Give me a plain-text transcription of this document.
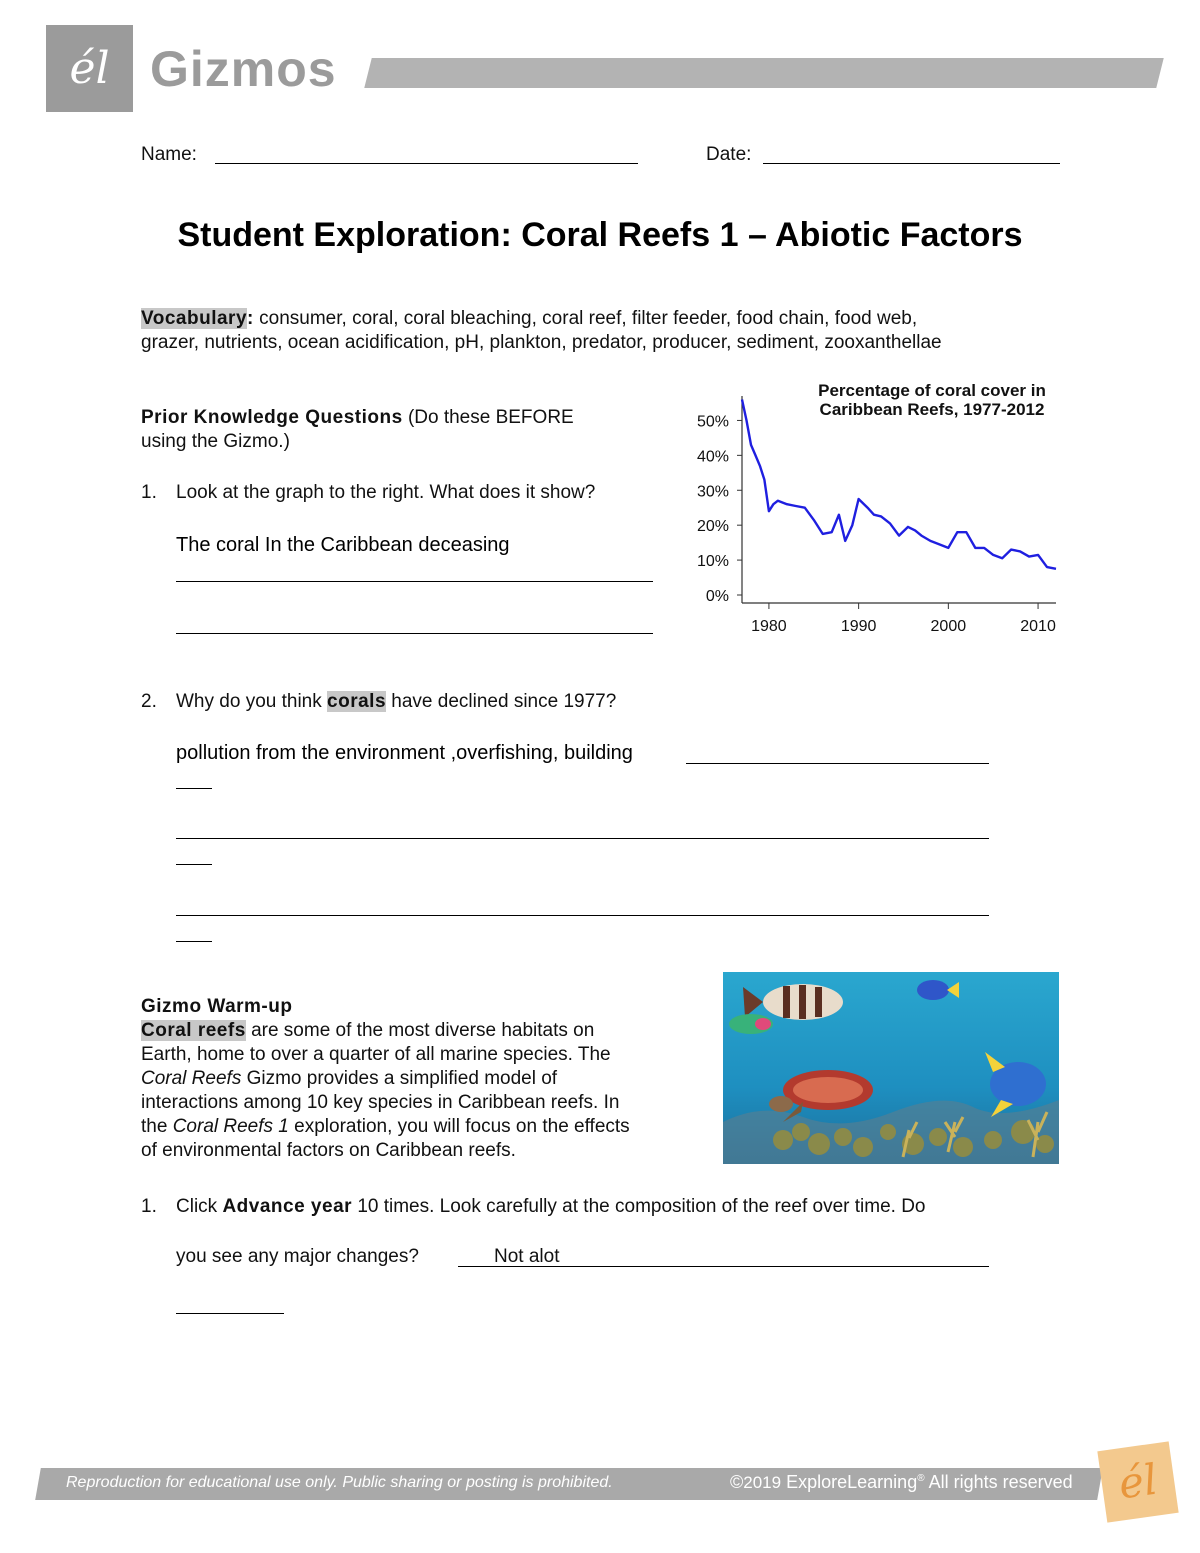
él Gizmos
Name:	Date:
Student Exploration: Coral Reefs 1 – Abiotic Factors
Vocabulary: consumer, coral, coral bleaching, coral reef, filter feeder, food chain, food web,
grazer, nutrients, ocean acidification, pH, plankton, predator, producer, sediment, zooxanthellae
Prior Knowledge Questions (Do these BEFORE
using the Gizmo.)
1. Look at the graph to the right. What does it show?
The coral In the Caribbean deceasing
Percentage of coral cover in
Caribbean Reefs, 1977-2012
0%
10%
20%
30%
40%
50%
1980	1990	2000	2010
2. Why do you think corals have declined since 1977?
pollution from the environment ,overfishing, building
Gizmo Warm-up
Coral reefs are some of the most diverse habitats on
Earth, home to over a quarter of all marine species. The
Coral Reefs Gizmo provides a simplified model of
interactions among 10 key species in Caribbean reefs. In
the Coral Reefs 1 exploration, you will focus on the effects
of environmental factors on Caribbean reefs.
1. Click Advance year 10 times. Look carefully at the composition of the reef over time. Do
you see any major changes?	Not alot
Reproduction for educational use only. Public sharing or posting is prohibited.	©2019 ExploreLearning® All rights reserved	él
